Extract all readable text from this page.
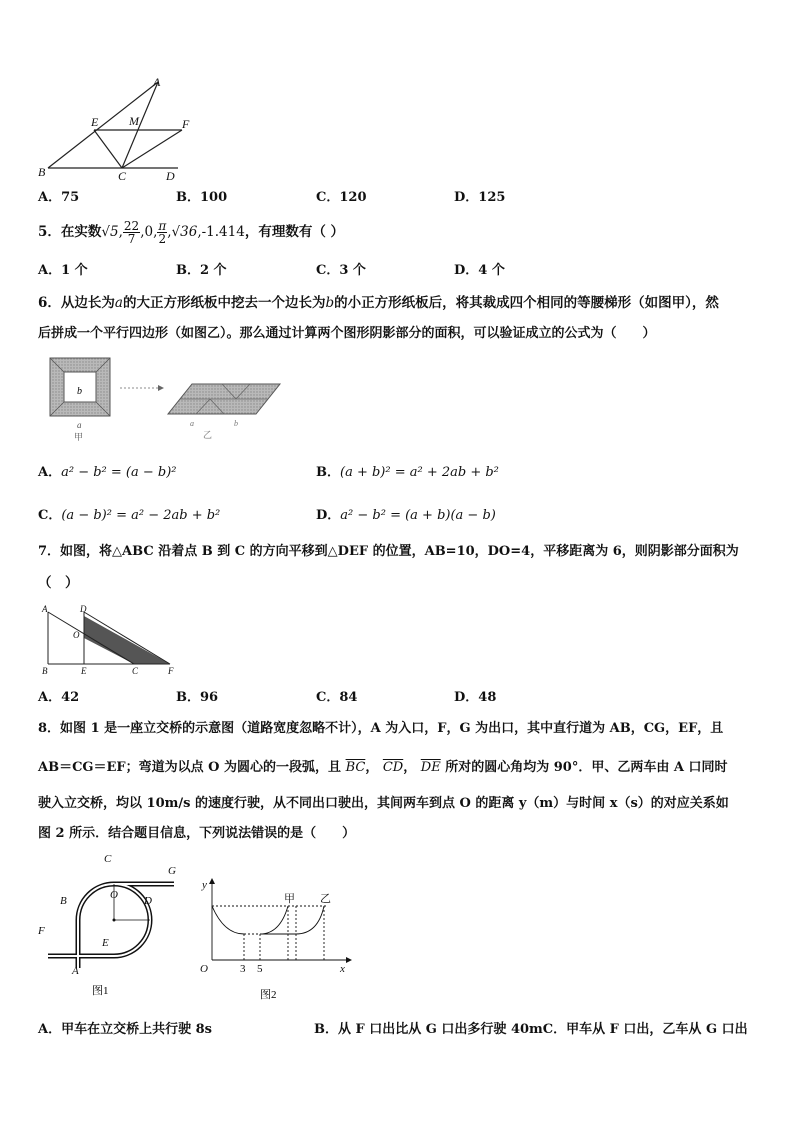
A
E	M	F
B	C	D
A．75	B．100	C．120	D．125
5．在实数√5, $\frac{22}{7} ,0$, $\frac{\pi}{2} ,√36,-1.414$，有理数有（ ）
A．1 个	B．2 个	C．3 个	D．4 个
6．从边长为a的大正方形纸板中挖去一个边长为b的小正方形纸板后，将其裁成四个相同的等腰梯形（如图甲），然
后拼成一个平行四边形（如图乙）。那么通过计算两个图形阴影部分的面积，可以验证成立的公式为（　　）
b
a
甲
a	b
乙
A．a² − b² = (a − b)²	B．(a + b)² = a² + 2ab + b²
C．(a − b)² = a² − 2ab + b²	D．a² − b² = (a + b)(a − b)
7．如图，将△ABC 沿着点 B 到 C 的方向平移到△DEF 的位置，AB=10，DO=4，平移距离为 6，则阴影部分面积为
（　）
A	D
O
B	E	C	F
A．42	B．96	C．84	D．48
8．如图 1 是一座立交桥的示意图（道路宽度忽略不计），A 为入口，F，G 为出口，其中直行道为 AB，CG，EF，且
AB＝CG＝EF；弯道为以点 O 为圆心的一段弧，且 $\overline{BC}$， $\overline{CD}$， $\overline{DE}$ 所对的圆心角均为 90°．甲、乙两车由 A 口同时
驶入立交桥，均以 10m/s 的速度行驶，从不同出口驶出，其间两车到点 O 的距离 y（m）与时间 x（s）的对应关系如
图 2 所示．结合题目信息，下列说法错误的是（　　）
C
G
B	O D
F
E
A
图1
y
甲 乙
O	3 5	x
图2
A．甲车在立交桥上共行驶 8s	B．从 F 口出比从 G 口出多行驶 40mC．甲车从 F 口出，乙车从 G 口出
